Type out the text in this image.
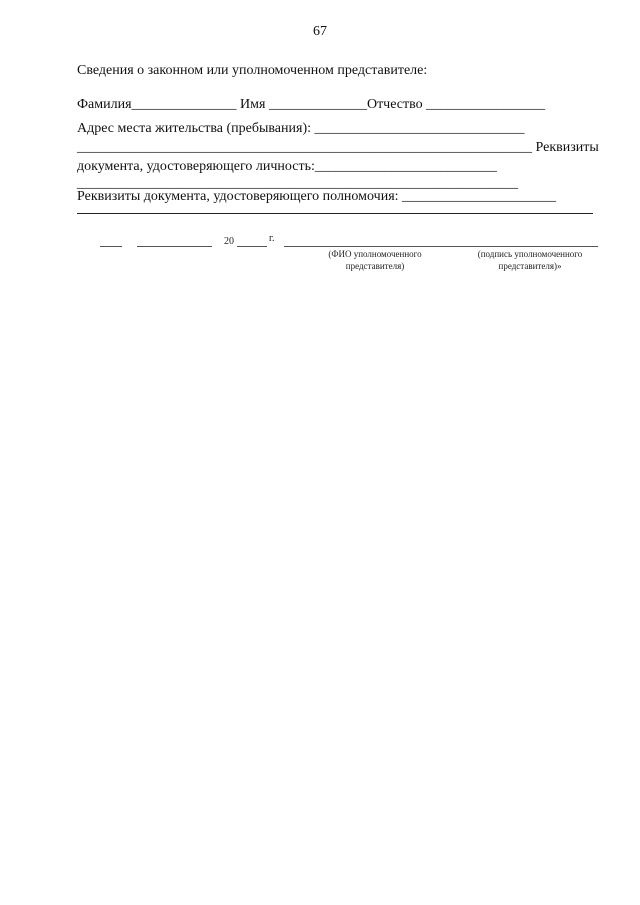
67
Сведения о законном или уполномоченном представителе:
Фамилия_______________ Имя ______________Отчество _________________
Адрес места жительства (пребывания): ______________________________
_________________________________________________________________ Реквизиты
документа, удостоверяющего личность:__________________________
_______________________________________________________________
Реквизиты документа, удостоверяющего полномочия: ______________________
20	г.
(ФИО уполномоченного
представителя)
(подпись уполномоченного
представителя)»
